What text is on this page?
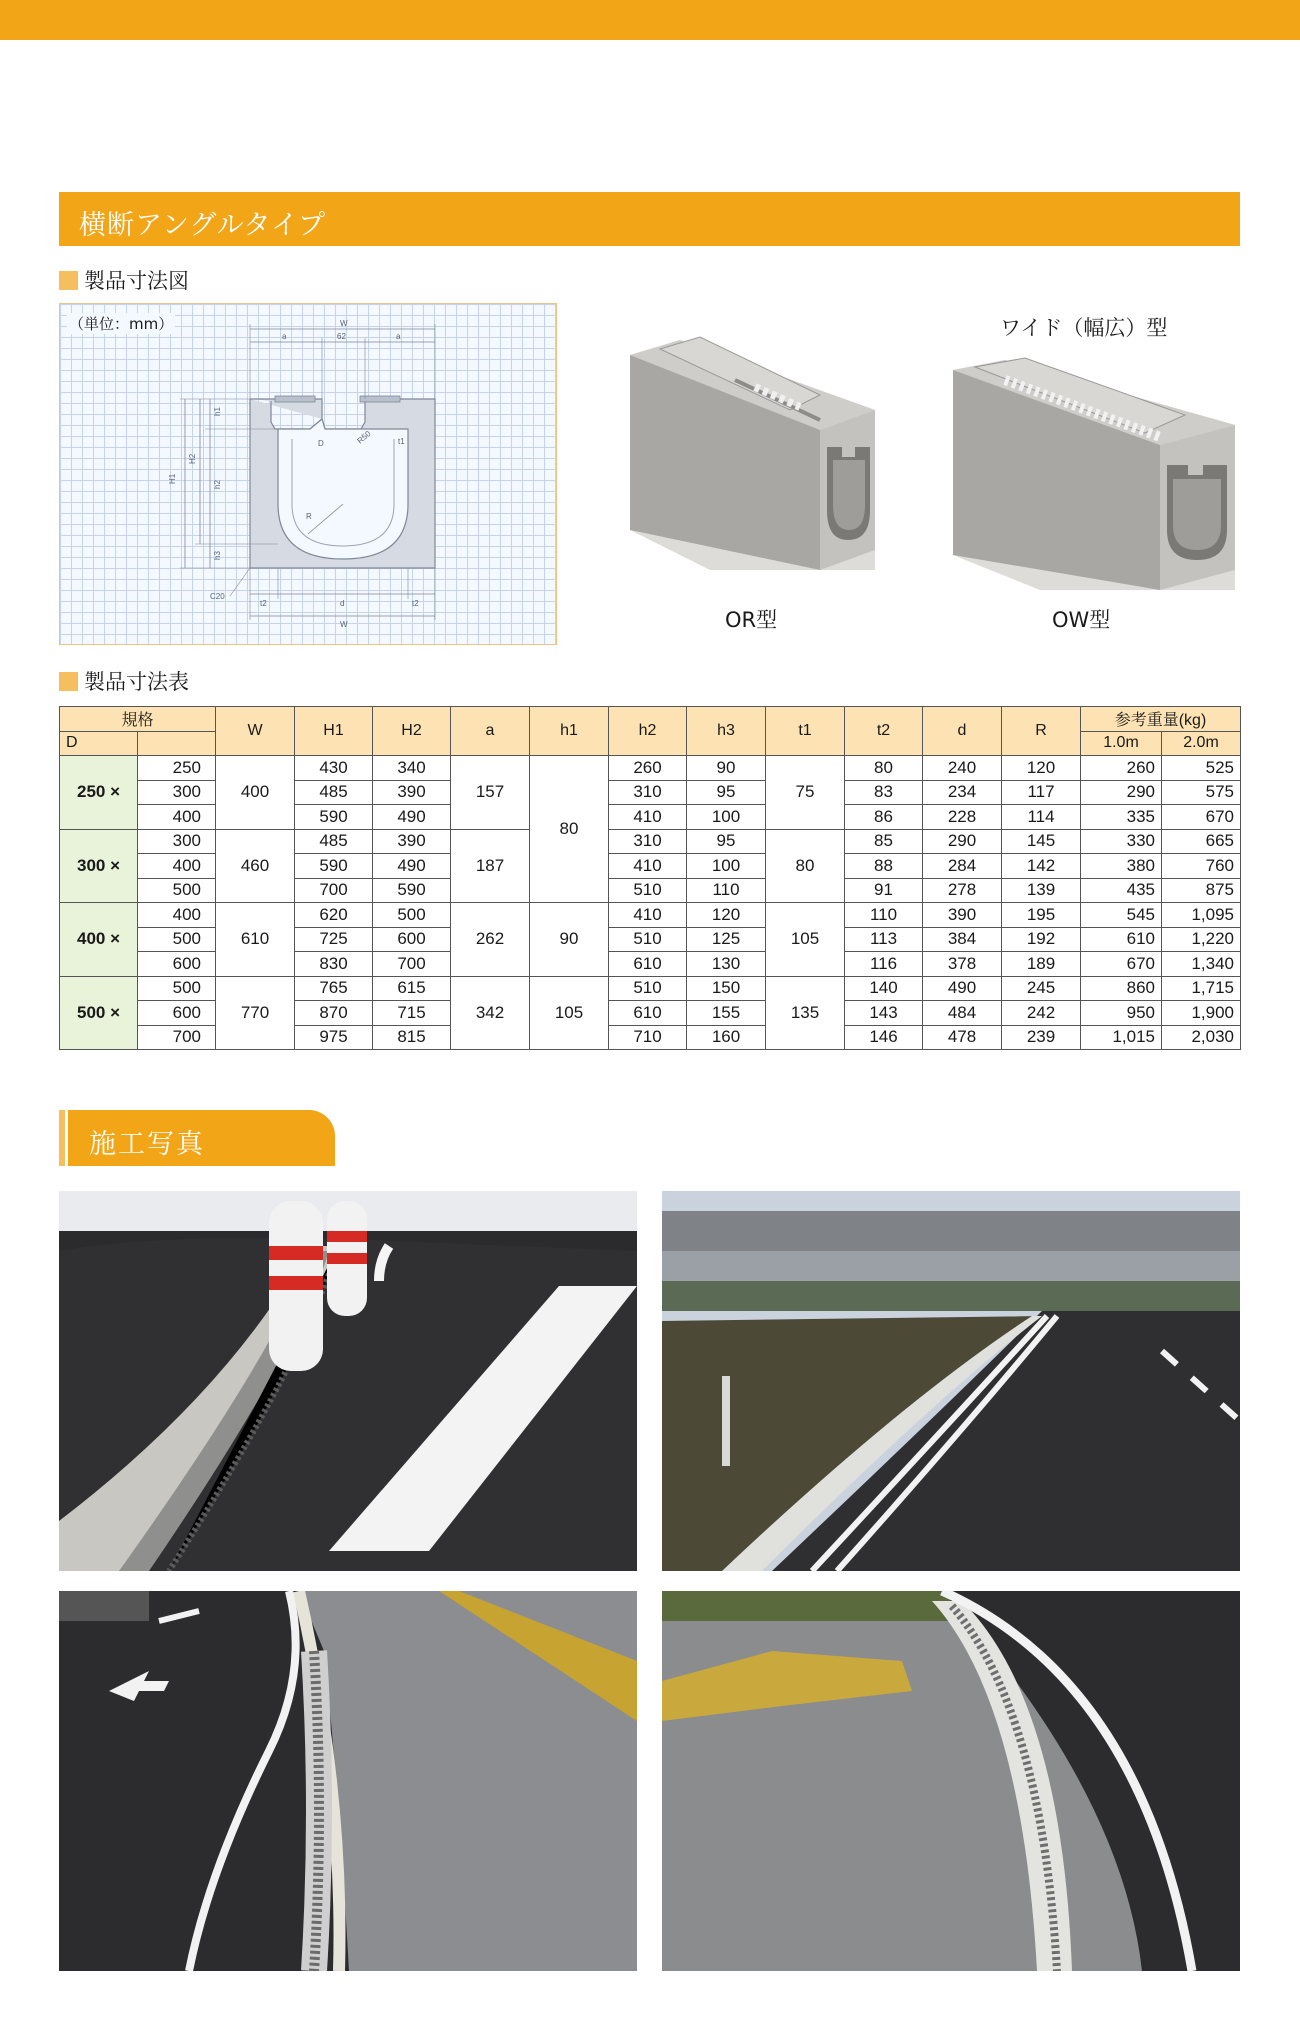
横断アングルタイプ
製品寸法図
W
a	62	a
H1
H2
h1
h2
h3
D
R
R50	t1
t2	d	t2
W
C20
（単位：mm）	ワイド（幅広）型
OR型	OW型
製品寸法表
規格		W	H1	H2	a	h1	h2	h3	t1	t2	d	R	参考重量(kg)	
D													1.0m	2.0m
250 ×	250	400	430	340	157	80	260	90	75	80	240	120	260	525
	300		485	390			310	95		83	234	117	290	575
	400		590	490			410	100		86	228	114	335	670
300 ×	300	460	485	390	187		310	95	80	85	290	145	330	665
	400		590	490			410	100		88	284	142	380	760
	500		700	590			510	110		91	278	139	435	875
400 ×	400	610	620	500	262	90	410	120	105	110	390	195	545	1,095
	500		725	600			510	125		113	384	192	610	1,220
	600		830	700			610	130		116	378	189	670	1,340
500 ×	500	770	765	615	342	105	510	150	135	140	490	245	860	1,715
	600		870	715			610	155		143	484	242	950	1,900
	700		975	815			710	160		146	478	239	1,015	2,030
施工写真
